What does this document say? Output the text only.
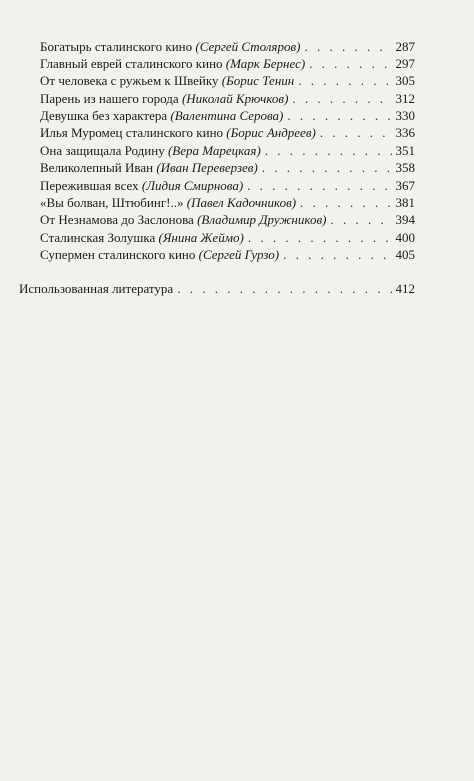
Богатырь сталинского кино (Сергей Столяров) . . .	287
Главный еврей сталинского кино (Марк Бернес) . . .	297
От человека с ружьем к Швейку (Борис Тенин . . .	305
Парень из нашего города (Николай Крючков) . . .	312
Девушка без характера (Валентина Серова) . . .	330
Илья Муромец сталинского кино (Борис Андреев) . . .	336
Она защищала Родину (Вера Марецкая) . . .	351
Великолепный Иван (Иван Переверзев) . . .	358
Пережившая всех (Лидия Смирнова) . . .	367
«Вы болван, Штюбинг!..» (Павел Кадочников) . . .	381
От Незнамова до Заслонова (Владимир Дружников) . . .	394
Сталинская Золушка (Янина Жеймо) . . .	400
Супермен сталинского кино (Сергей Гурзо) . . .	405
Использованная литература . . .	412
